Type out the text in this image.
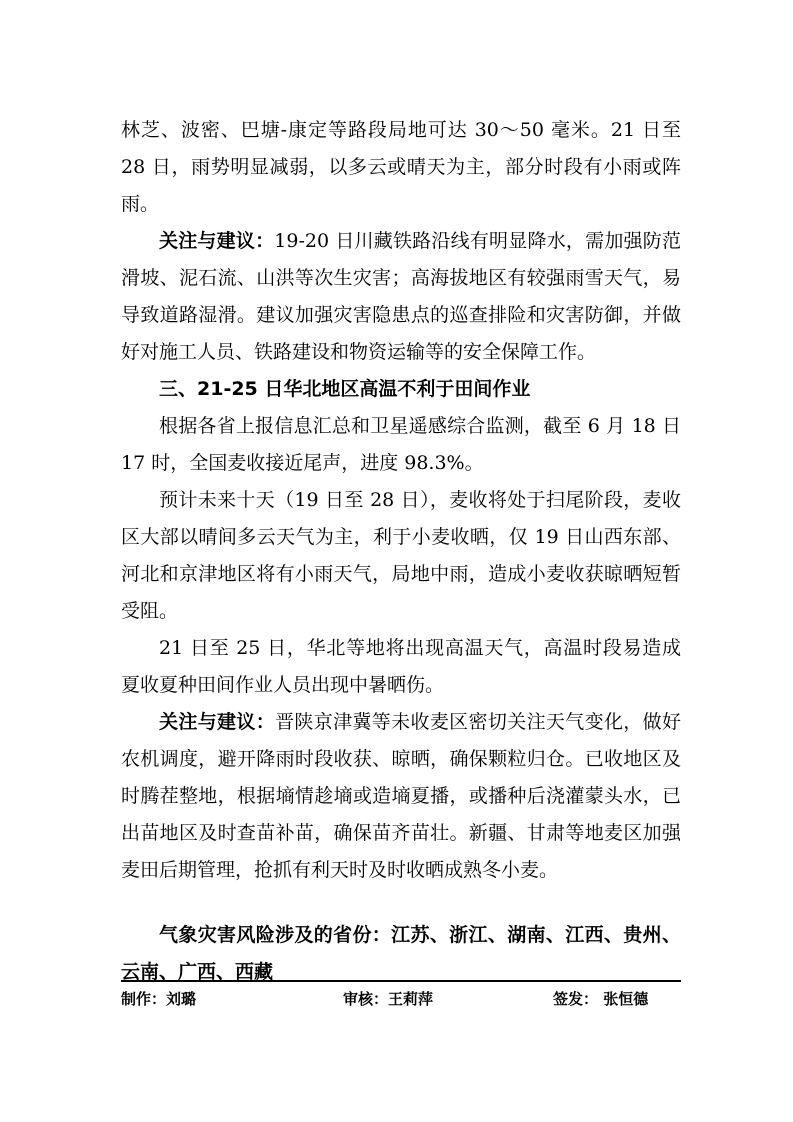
林芝、波密、巴塘-康定等路段局地可达 30～50 毫米。21 日至 28 日，雨势明显减弱，以多云或晴天为主，部分时段有小雨或阵雨。

关注与建议：19-20 日川藏铁路沿线有明显降水，需加强防范滑坡、泥石流、山洪等次生灾害；高海拔地区有较强雨雪天气，易导致道路湿滑。建议加强灾害隐患点的巡查排险和灾害防御，并做好对施工人员、铁路建设和物资运输等的安全保障工作。

三、21-25 日华北地区高温不利于田间作业

根据各省上报信息汇总和卫星遥感综合监测，截至 6 月 18 日 17 时，全国麦收接近尾声，进度 98.3%。

预计未来十天（19 日至 28 日），麦收将处于扫尾阶段，麦收区大部以晴间多云天气为主，利于小麦收晒，仅 19 日山西东部、河北和京津地区将有小雨天气，局地中雨，造成小麦收获晾晒短暂受阻。

21 日至 25 日，华北等地将出现高温天气，高温时段易造成夏收夏种田间作业人员出现中暑晒伤。

关注与建议：晋陕京津冀等未收麦区密切关注天气变化，做好农机调度，避开降雨时段收获、晾晒，确保颗粒归仓。已收地区及时腾茬整地，根据墒情趁墒或造墒夏播，或播种后浇灌蒙头水，已出苗地区及时查苗补苗，确保苗齐苗壮。新疆、甘肃等地麦区加强麦田后期管理，抢抓有利天时及时收晒成熟冬小麦。

气象灾害风险涉及的省份：江苏、浙江、湖南、江西、贵州、云南、广西、西藏

制作：刘璐	审核：王莉萍	签发： 张恒德
